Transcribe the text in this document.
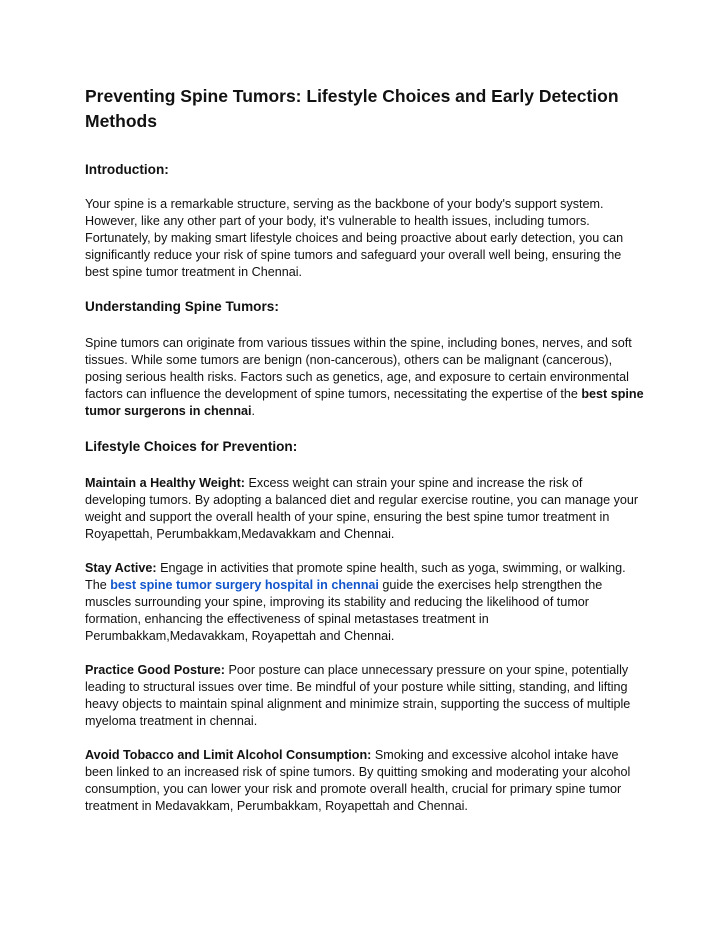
Preventing Spine Tumors: Lifestyle Choices and Early Detection Methods
Introduction:

Your spine is a remarkable structure, serving as the backbone of your body's support system. However, like any other part of your body, it's vulnerable to health issues, including tumors. Fortunately, by making smart lifestyle choices and being proactive about early detection, you can significantly reduce your risk of spine tumors and safeguard your overall well being, ensuring the best spine tumor treatment in Chennai.

Understanding Spine Tumors:

Spine tumors can originate from various tissues within the spine, including bones, nerves, and soft tissues. While some tumors are benign (non-cancerous), others can be malignant (cancerous), posing serious health risks. Factors such as genetics, age, and exposure to certain environmental factors can influence the development of spine tumors, necessitating the expertise of the best spine tumor surgerons in chennai.

Lifestyle Choices for Prevention:

Maintain a Healthy Weight: Excess weight can strain your spine and increase the risk of developing tumors. By adopting a balanced diet and regular exercise routine, you can manage your weight and support the overall health of your spine, ensuring the best spine tumor treatment in Royapettah, Perumbakkam,Medavakkam and Chennai.

Stay Active: Engage in activities that promote spine health, such as yoga, swimming, or walking. The best spine tumor surgery hospital in chennai guide the exercises help strengthen the muscles surrounding your spine, improving its stability and reducing the likelihood of tumor formation, enhancing the effectiveness of spinal metastases treatment in Perumbakkam,Medavakkam, Royapettah and Chennai.

Practice Good Posture: Poor posture can place unnecessary pressure on your spine, potentially leading to structural issues over time. Be mindful of your posture while sitting, standing, and lifting heavy objects to maintain spinal alignment and minimize strain, supporting the success of multiple myeloma treatment in chennai.

Avoid Tobacco and Limit Alcohol Consumption: Smoking and excessive alcohol intake have been linked to an increased risk of spine tumors. By quitting smoking and moderating your alcohol consumption, you can lower your risk and promote overall health, crucial for primary spine tumor treatment in Medavakkam, Perumbakkam, Royapettah and Chennai.
